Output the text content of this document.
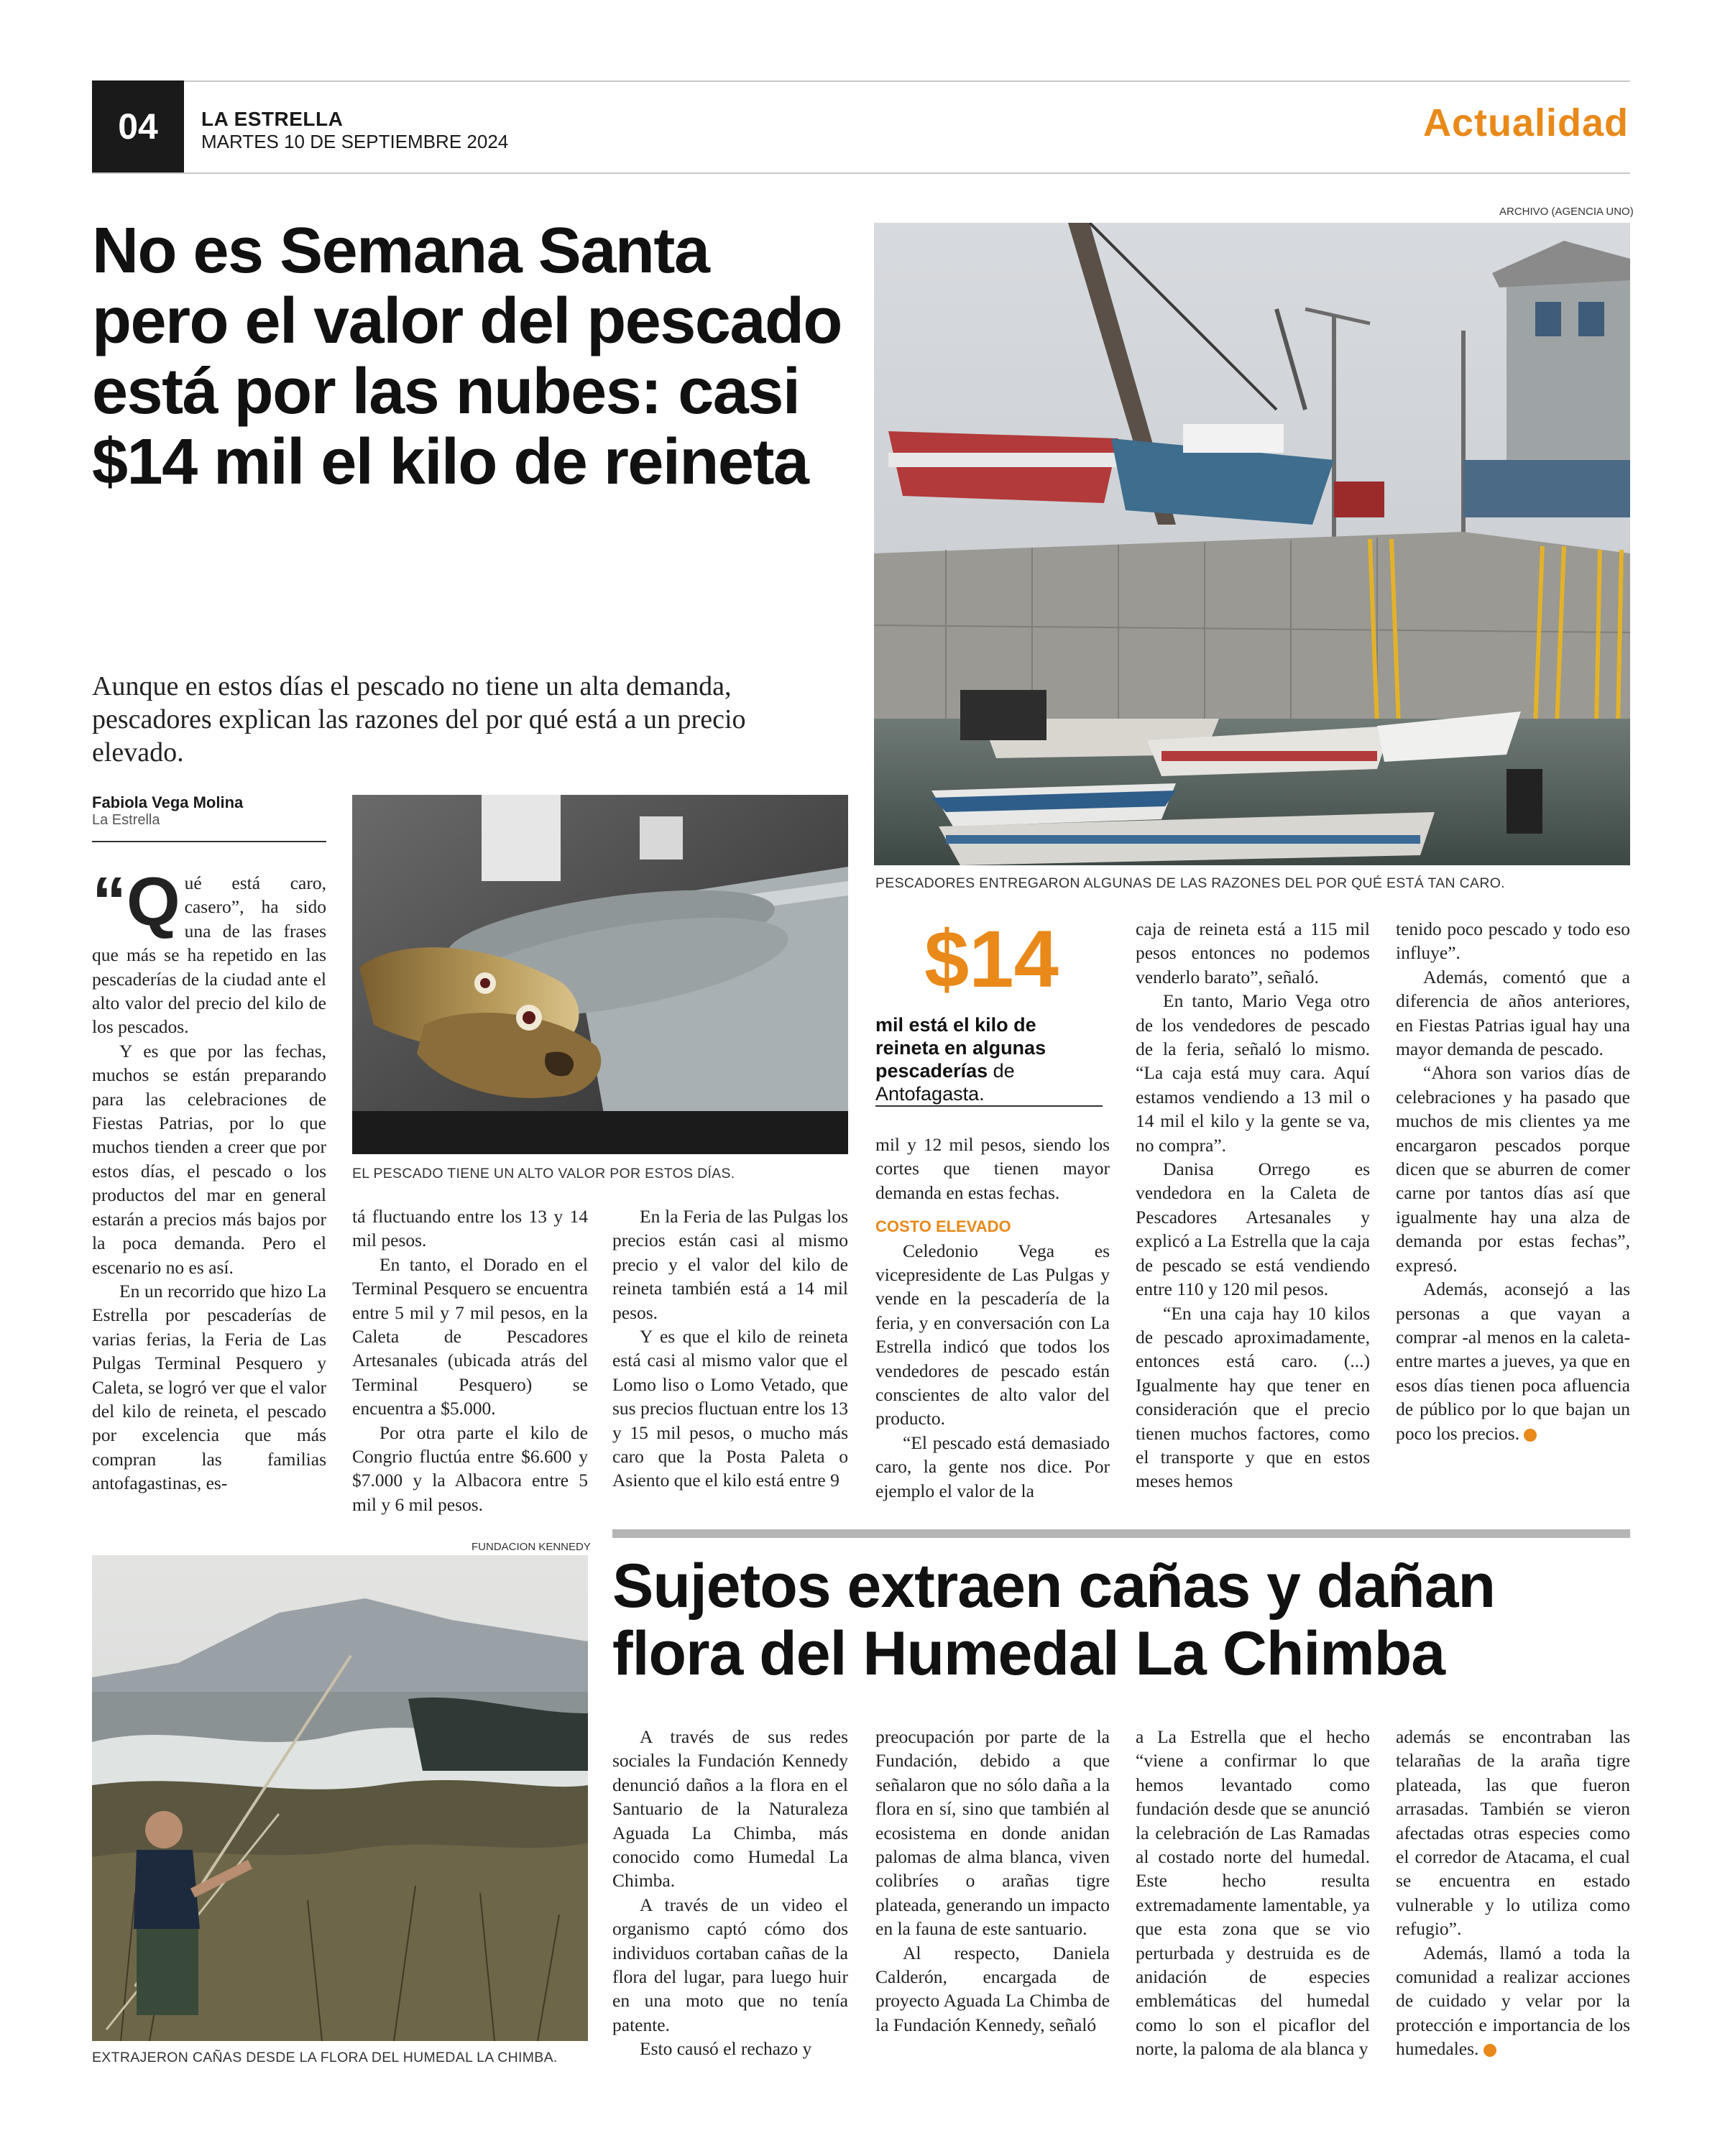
04	LA ESTRELLA
MARTES 10 DE SEPTIEMBRE 2024	Actualidad
No es Semana Santa pero el valor del pescado está por las nubes: casi $14 mil el kilo de reineta
Aunque en estos días el pescado no tiene un alta demanda, pescadores explican las razones del por qué está a un precio elevado.
Fabiola Vega Molina
La Estrella
ARCHIVO (AGENCIA UNO)
PESCADORES ENTREGARON ALGUNAS DE LAS RAZONES DEL POR QUÉ ESTÁ TAN CARO.
EL PESCADO TIENE UN ALTO VALOR POR ESTOS DÍAS.

“Qué está caro, casero”, ha sido una de las frases que más se ha repetido en las pescaderías de la ciudad ante el alto valor del precio del kilo de los pescados.

Y es que por las fechas, muchos se están preparando para las celebraciones de Fiestas Patrias, por lo que muchos tienden a creer que por estos días, el pescado o los productos del mar en general estarán a precios más bajos por la poca demanda. Pero el escenario no es así.

En un recorrido que hizo La Estrella por pescaderías de varias ferias, la Feria de Las Pulgas Terminal Pesquero y Caleta, se logró ver que el valor del kilo de reineta, el pescado por excelencia que más compran las familias antofagastinas, es-

tá fluctuando entre los 13 y 14 mil pesos.

En tanto, el Dorado en el Terminal Pesquero se encuentra entre 5 mil y 7 mil pesos, en la Caleta de Pescadores Artesanales (ubicada atrás del Terminal Pesquero) se encuentra a $5.000.

Por otra parte el kilo de Congrio fluctúa entre $6.600 y $7.000 y la Albacora entre 5 mil y 6 mil pesos.

En la Feria de las Pulgas los precios están casi al mismo precio y el valor del kilo de reineta también está a 14 mil pesos.

Y es que el kilo de reineta está casi al mismo valor que el Lomo liso o Lomo Vetado, que sus precios fluctuan entre los 13 y 15 mil pesos, o mucho más caro que la Posta Paleta o Asiento que el kilo está entre 9

$14
mil está el kilo de reineta en algunas pescaderías de Antofagasta.

mil y 12 mil pesos, siendo los cortes que tienen mayor demanda en estas fechas.

COSTO ELEVADO

Celedonio Vega es vicepresidente de Las Pulgas y vende en la pescadería de la feria, y en conversación con La Estrella indicó que todos los vendedores de pescado están conscientes de alto valor del producto.

“El pescado está demasiado caro, la gente nos dice. Por ejemplo el valor de la

caja de reineta está a 115 mil pesos entonces no podemos venderlo barato”, señaló.

En tanto, Mario Vega otro de los vendedores de pescado de la feria, señaló lo mismo. “La caja está muy cara. Aquí estamos vendiendo a 13 mil o 14 mil el kilo y la gente se va, no compra”.

Danisa Orrego es vendedora en la Caleta de Pescadores Artesanales y explicó a La Estrella que la caja de pescado se está vendiendo entre 110 y 120 mil pesos.

“En una caja hay 10 kilos de pescado aproximadamente, entonces está caro. (...) Igualmente hay que tener en consideración que el precio tienen muchos factores, como el transporte y que en estos meses hemos

tenido poco pescado y todo eso influye”.

Además, comentó que a diferencia de años anteriores, en Fiestas Patrias igual hay una mayor demanda de pescado.

“Ahora son varios días de celebraciones y ha pasado que muchos de mis clientes ya me encargaron pescados porque dicen que se aburren de comer carne por tantos días así que igualmente hay una alza de demanda por estas fechas”, expresó.

Además, aconsejó a las personas a que vayan a comprar -al menos en la caleta- entre martes a jueves, ya que en esos días tienen poca afluencia de público por lo que bajan un poco los precios.	●

FUNDACION KENNEDY
EXTRAJERON CAÑAS DESDE LA FLORA DEL HUMEDAL LA CHIMBA.
Sujetos extraen cañas y dañan flora del Humedal La Chimba

A través de sus redes sociales la Fundación Kennedy denunció daños a la flora en el Santuario de la Naturaleza Aguada La Chimba, más conocido como Humedal La Chimba.

A través de un video el organismo captó cómo dos individuos cortaban cañas de la flora del lugar, para luego huir en una moto que no tenía patente.

Esto causó el rechazo y

preocupación por parte de la Fundación, debido a que señalaron que no sólo daña a la flora en sí, sino que también al ecosistema en donde anidan palomas de alma blanca, viven colibríes o arañas tigre plateada, generando un impacto en la fauna de este santuario.

Al respecto, Daniela Calderón, encargada de proyecto Aguada La Chimba de la Fundación Kennedy, señaló

a La Estrella que el hecho “viene a confirmar lo que hemos levantado como fundación desde que se anunció la celebración de Las Ramadas al costado norte del humedal. Este hecho resulta extremadamente lamentable, ya que esta zona que se vio perturbada y destruida es de anidación de especies emblemáticas del humedal como lo son el picaflor del norte, la paloma de ala blanca y

además se encontraban las telarañas de la araña tigre plateada, las que fueron arrasadas. También se vieron afectadas otras especies como el corredor de Atacama, el cual se encuentra en estado vulnerable y lo utiliza como refugio”.

Además, llamó a toda la comunidad a realizar acciones de cuidado y velar por la protección e importancia de los humedales.	●
